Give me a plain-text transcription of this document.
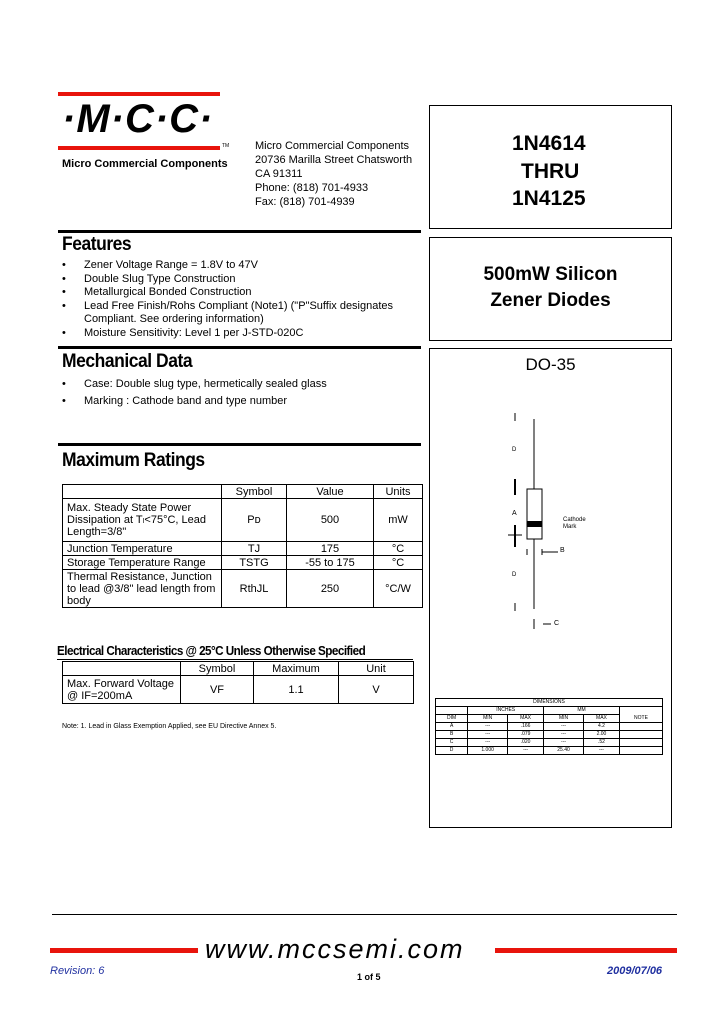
·M·C·C·
Micro Commercial Components
TM Micro Commercial Components
20736 Marilla Street Chatsworth
CA 91311
Phone: (818) 701-4933
Fax: (818) 701-4939
1N4614
THRU
1N4125
500mW Silicon
Zener Diodes
DO-35
D
A
Cathode
Mark
B
D
C
DIMENSIONS					
	INCHES		MM		
DIM	MIN	MAX	MIN	MAX	NOTE
A	---	.166	---	4.2	
B	---	.079	---	2.00	
C	---	.020	---	.52	
D	1.000	---	25.40	---	
Features
• Zener Voltage Range = 1.8V to 47V
• Double Slug Type Construction
• Metallurgical Bonded Construction
• Lead Free Finish/Rohs Compliant (Note1) ("P"Suffix designates Compliant. See ordering information)
• Moisture Sensitivity: Level 1 per J-STD-020C
Mechanical Data
• Case: Double slug type, hermetically sealed glass
• Marking : Cathode band and type number
Maximum Ratings
	Symbol	Value	Units
Max. Steady State Power Dissipation at Tₗ<75°C, Lead Length=3/8"	Pᴅ	500	mW
Junction Temperature	TJ	175	°C
Storage Temperature Range	TSTG	-55 to 175	°C
Thermal Resistance, Junction to lead @3/8" lead length from body	RthJL	250	°C/W
Electrical Characteristics @ 25°C Unless Otherwise Specified
	Symbol	Maximum	Unit
Max. Forward Voltage @ IF=200mA	VF	1.1	V
Note: 1. Lead in Glass Exemption Applied, see EU Directive Annex 5.
www.mccsemi.com
Revision: 6	1 of 5	2009/07/06
